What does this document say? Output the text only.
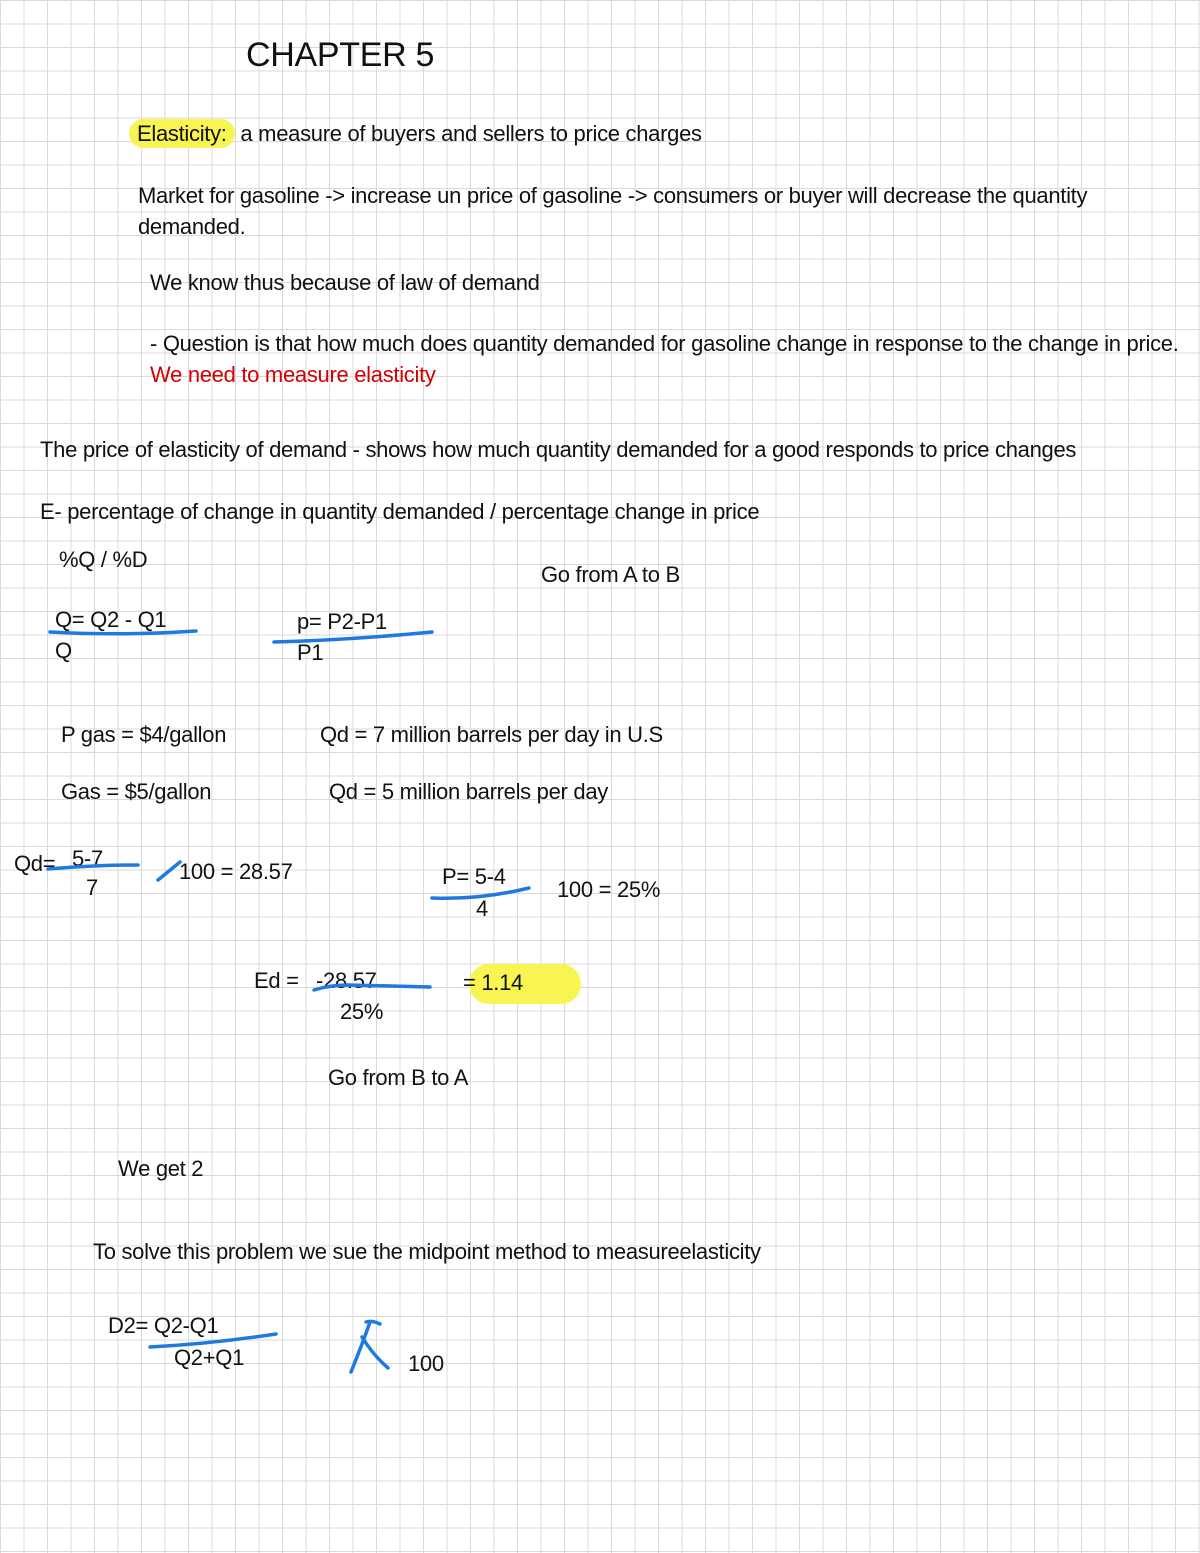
CHAPTER 5
Elasticity: a measure of buyers and sellers to price charges
Market for gasoline -> increase un price of gasoline -> consumers or buyer will decrease the quantity demanded.
We know thus because of law of demand
- Question is that how much does quantity demanded for gasoline change in response to the change in price. We need to measure elasticity
The price of elasticity of demand - shows how much quantity demanded for a good responds to price changes
E- percentage of change in quantity demanded / percentage change in price
%Q / %D
Go from A to B
Q= Q2 - Q1
Q
p= P2-P1
P1
P gas = $4/gallon	Qd = 7 million barrels per day in U.S
Gas = $5/gallon	Qd = 5 million barrels per day
Qd= 5-7
7
100 = 28.57	P= 5-4
4
100 = 25%
Ed = -28.57
25%
= 1.14
Go from B to A
We get 2
To solve this problem we sue the midpoint method to measureelasticity
D2= Q2-Q1
Q2+Q1	100
